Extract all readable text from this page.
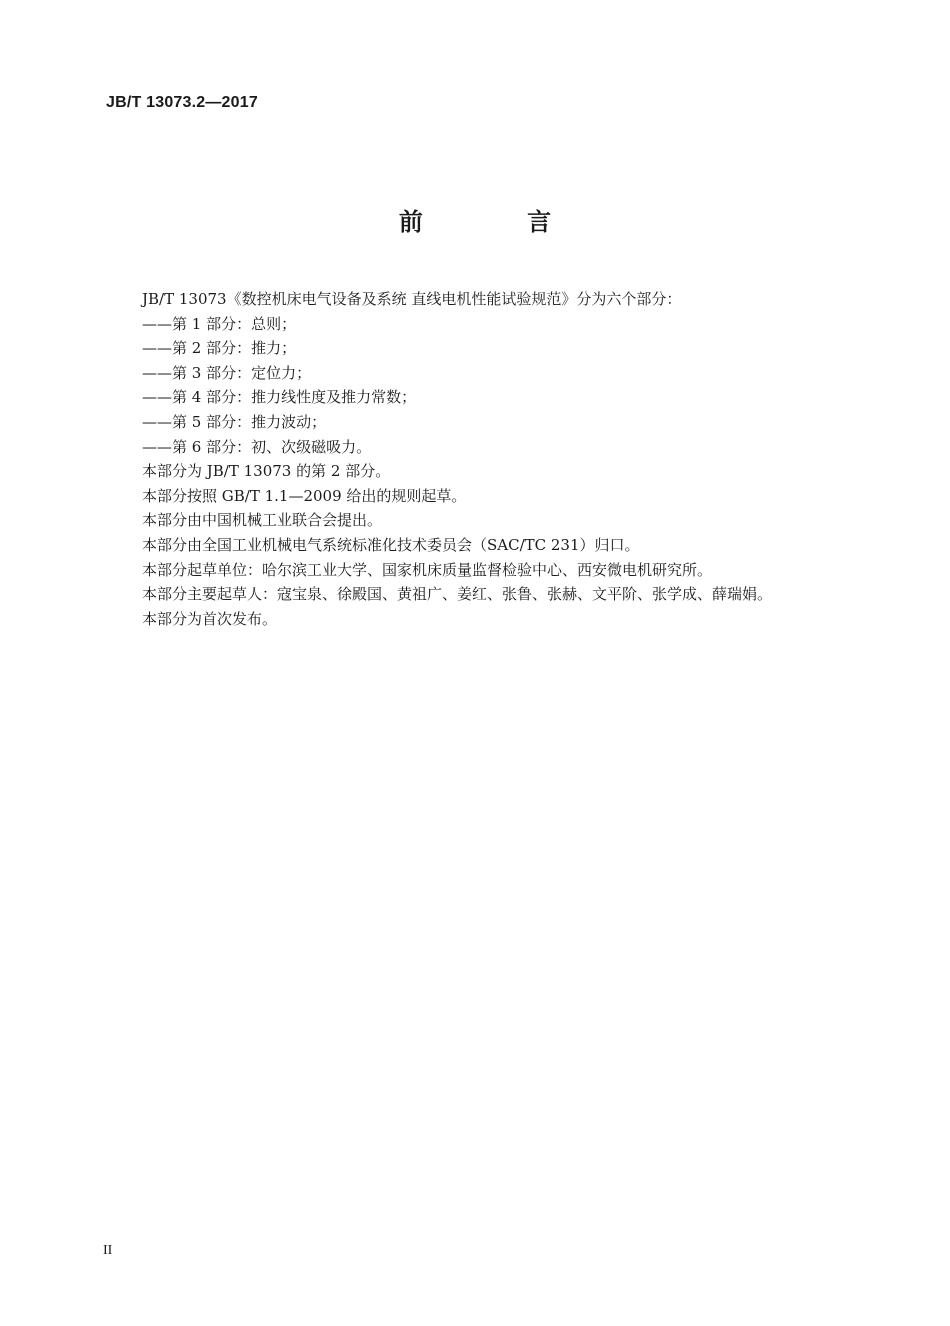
JB/T 13073.2—2017
前 言
JB/T 13073《数控机床电气设备及系统 直线电机性能试验规范》分为六个部分：
——第 1 部分：总则；
——第 2 部分：推力；
——第 3 部分：定位力；
——第 4 部分：推力线性度及推力常数；
——第 5 部分：推力波动；
——第 6 部分：初、次级磁吸力。
本部分为 JB/T 13073 的第 2 部分。
本部分按照 GB/T 1.1—2009 给出的规则起草。
本部分由中国机械工业联合会提出。
本部分由全国工业机械电气系统标准化技术委员会（SAC/TC 231）归口。
本部分起草单位：哈尔滨工业大学、国家机床质量监督检验中心、西安微电机研究所。
本部分主要起草人：寇宝泉、徐殿国、黄祖广、姜红、张鲁、张赫、文平阶、张学成、薛瑞娟。
本部分为首次发布。
II
